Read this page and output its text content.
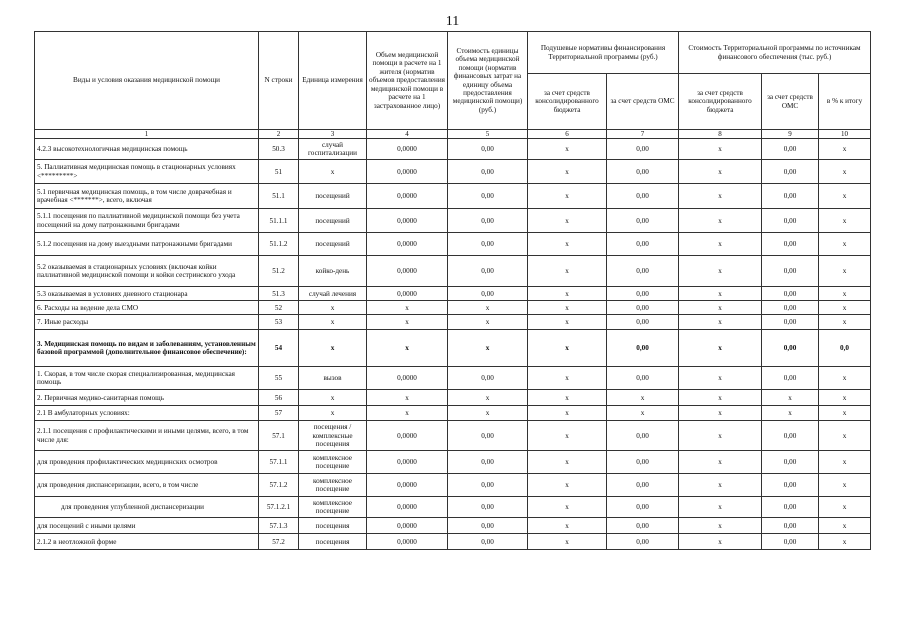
11
Виды и условия оказания медицинской помощи	N строки	Единица измерения	Объем медицинской помощи в расчете на 1 жителя (норматив объемов предоставления медицинской помощи в расчете на 1 застрахованное лицо)	Стоимость единицы объема медицинской помощи (норматив финансовых затрат на единицу объема предоставления медицинской помощи) (руб.)	Подушевые нормативы финансирования Территориальной программы (руб.)		Стоимость Территориальной программы по источникам финансового обеспечения (тыс. руб.)		
					за счет средств консолидированного бюджета	за счет средств ОМС	за счет средств консолидированного бюджета	за счет средств ОМС	в % к итогу
1	2	3	4	5	6	7	8	9	10
4.2.3 высокотехнологичная медицинская помощь	50.3	случай госпитализации	0,0000	0,00	x	0,00	x	0,00	x
5. Паллиативная медицинская помощь в стационарных условиях <*********>	51	x	0,0000	0,00	x	0,00	x	0,00	x
5.1 первичная медицинская помощь, в том числе доврачебная и врачебная <*******>, всего, включая	51.1	посещений	0,0000	0,00	x	0,00	x	0,00	x
5.1.1 посещения по паллиативной медицинской помощи без учета посещений на дому патронажными бригадами	51.1.1	посещений	0,0000	0,00	x	0,00	x	0,00	x
5.1.2 посещения на дому выездными патронажными бригадами	51.1.2	посещений	0,0000	0,00	x	0,00	x	0,00	x
5.2 оказываемая в стационарных условиях (включая койки паллиативной медицинской помощи и койки сестринского ухода	51.2	койко-день	0,0000	0,00	x	0,00	x	0,00	x
5.3 оказываемая в условиях дневного стационара	51.3	случай лечения	0,0000	0,00	x	0,00	x	0,00	x
6. Расходы на ведение дела СМО	52	x	x	x	x	0,00	x	0,00	x
7. Иные расходы	53	x	x	x	x	0,00	x	0,00	x
3. Медицинская помощь по видам и заболеваниям, установленным базовой программой (дополнительное финансовое обеспечение):	54	x	x	x	x	0,00	x	0,00	0,0
1. Скорая, в том числе скорая специализированная, медицинская помощь	55	вызов	0,0000	0,00	x	0,00	x	0,00	x
2. Первичная медико-санитарная помощь	56	x	x	x	x	x	x	x	x
2.1 В амбулаторных условиях:	57	x	x	x	x	x	x	x	x
2.1.1 посещения с профилактическими и иными целями, всего, в том числе для:	57.1	посещения / комплексные посещения	0,0000	0,00	x	0,00	x	0,00	x
для проведения профилактических медицинских осмотров	57.1.1	комплексное посещение	0,0000	0,00	x	0,00	x	0,00	x
для проведения диспансеризации, всего, в том числе	57.1.2	комплексное посещение	0,0000	0,00	x	0,00	x	0,00	x
для проведения углубленной диспансеризации	57.1.2.1	комплексное посещение	0,0000	0,00	x	0,00	x	0,00	x
для посещений с иными целями	57.1.3	посещения	0,0000	0,00	x	0,00	x	0,00	x
2.1.2 в неотложной форме	57.2	посещения	0,0000	0,00	x	0,00	x	0,00	x
